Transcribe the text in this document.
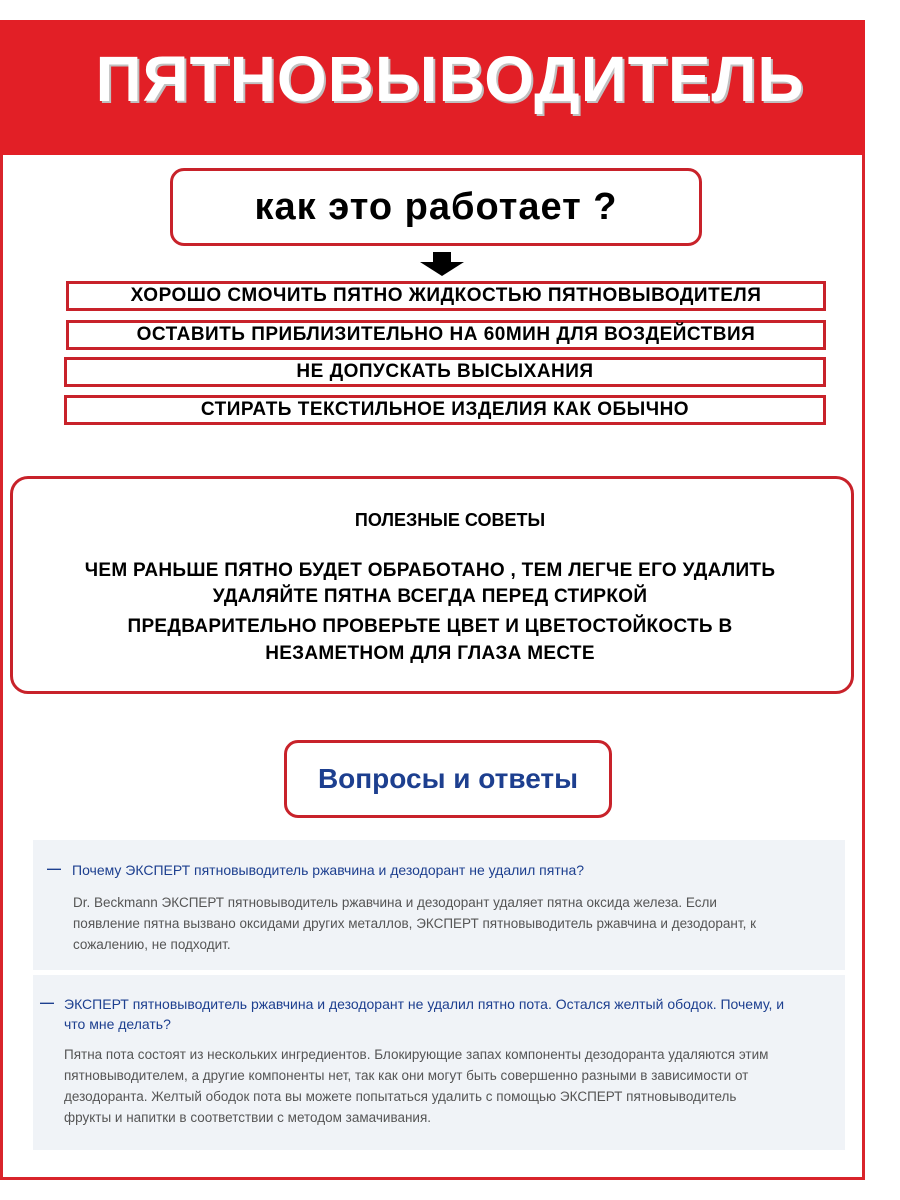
ПЯТНОВЫВОДИТЕЛЬ
как это работает ?
ХОРОШО СМОЧИТЬ ПЯТНО ЖИДКОСТЬЮ ПЯТНОВЫВОДИТЕЛЯ
ОСТАВИТЬ ПРИБЛИЗИТЕЛЬНО НА 60МИН ДЛЯ ВОЗДЕЙСТВИЯ
НЕ ДОПУСКАТЬ ВЫСЫХАНИЯ
СТИРАТЬ ТЕКСТИЛЬНОЕ ИЗДЕЛИЯ КАК ОБЫЧНО
ПОЛЕЗНЫЕ СОВЕТЫ
ЧЕМ РАНЬШЕ ПЯТНО БУДЕТ ОБРАБОТАНО , ТЕМ ЛЕГЧЕ ЕГО УДАЛИТЬ
УДАЛЯЙТЕ ПЯТНА ВСЕГДА ПЕРЕД СТИРКОЙ
ПРЕДВАРИТЕЛЬНО ПРОВЕРЬТЕ ЦВЕТ И ЦВЕТОСТОЙКОСТЬ В
НЕЗАМЕТНОМ ДЛЯ ГЛАЗА МЕСТЕ
Вопросы и ответы
— Почему ЭКСПЕРТ пятновыводитель ржавчина и дезодорант не удалил пятна?
Dr. Beckmann ЭКСПЕРТ пятновыводитель ржавчина и дезодорант удаляет пятна оксида железа. Если
появление пятна вызвано оксидами других металлов, ЭКСПЕРТ пятновыводитель ржавчина и дезодорант, к
сожалению, не подходит.
— ЭКСПЕРТ пятновыводитель ржавчина и дезодорант не удалил пятно пота. Остался желтый ободок. Почему, и
что мне делать?
Пятна пота состоят из нескольких ингредиентов. Блокирующие запах компоненты дезодоранта удаляются этим
пятновыводителем, а другие компоненты нет, так как они могут быть совершенно разными в зависимости от
дезодоранта. Желтый ободок пота вы можете попытаться удалить с помощью ЭКСПЕРТ пятновыводитель
фрукты и напитки в соответствии с методом замачивания.
